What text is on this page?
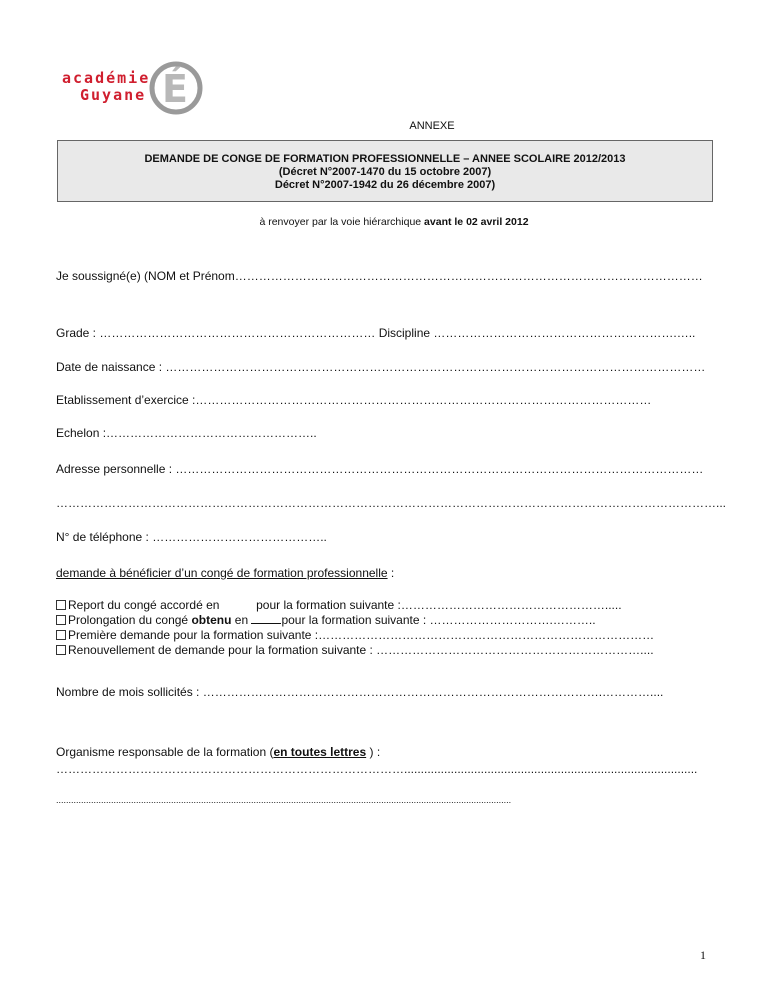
É
académie
Guyane
ANNEXE
DEMANDE DE CONGE DE FORMATION PROFESSIONNELLE – ANNEE SCOLAIRE 2012/2013
(Décret N°2007-1470 du 15 octobre 2007)
Décret N°2007-1942 du 26 décembre 2007)
à renvoyer par la voie hiérarchique avant le 02 avril 2012
Je soussigné(e) (NOM et Prénom………………………………………………………………………………………………………
Grade : …………………………………………………………… Discipline …………………………………………………….…..
Date de naissance : ………………………………………………………………………………………………………………………
Etablissement d’exercice :……………………………………………………………………………………………………
Echelon :……………………………………………..
Adresse personnelle : ……………………………………………………………………………………………………………………
…………………………………………………………………………………………………………………………………………………...
N° de téléphone : ……………………………………..
demande à bénéficier d’un congé de formation professionnelle :
Report du congé accordé en	pour la formation suivante :…………………………………………….....
Prolongation du congé obtenu en	pour la formation suivante : ………………………….………..
Première demande pour la formation suivante :…………………………………………………………………………
Renouvellement de demande pour la formation suivante : …………………………………………………………....
Nombre de mois sollicités : ……………………………………………………………………………………….…………....
Organisme responsable de la formation (en toutes lettres ) :
……………………………………………………………………………........................................................................................
......................................................................................................................................................................................
1
